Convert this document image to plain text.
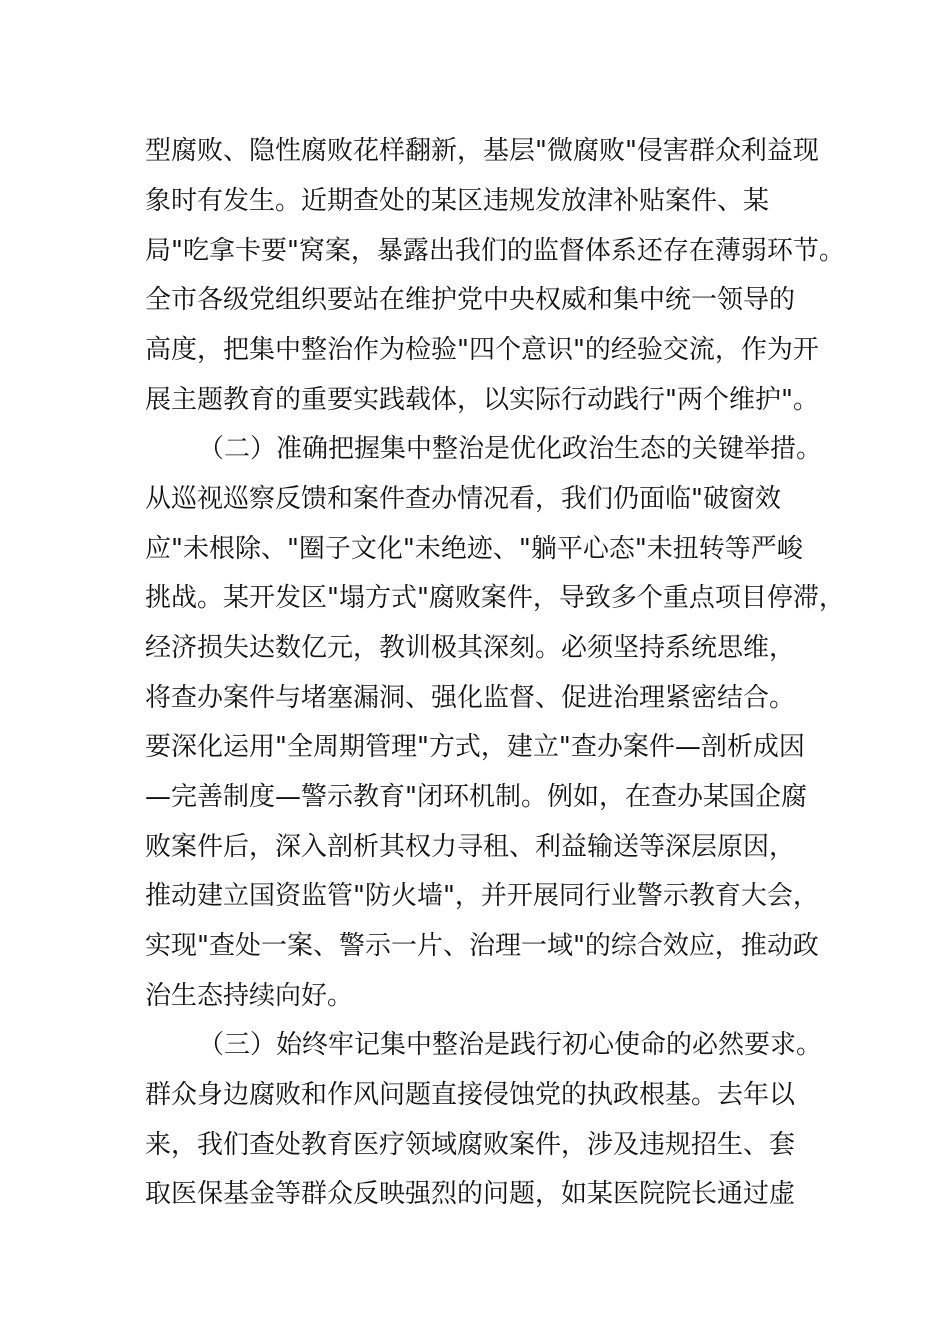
型腐败、隐性腐败花样翻新，基层"微腐败"侵害群众利益现
象时有发生。近期查处的某区违规发放津补贴案件、某
局"吃拿卡要"窝案，暴露出我们的监督体系还存在薄弱环节。
全市各级党组织要站在维护党中央权威和集中统一领导的
高度，把集中整治作为检验"四个意识"的经验交流，作为开
展主题教育的重要实践载体，以实际行动践行"两个维护"。
（二）准确把握集中整治是优化政治生态的关键举措。
从巡视巡察反馈和案件查办情况看，我们仍面临"破窗效
应"未根除、"圈子文化"未绝迹、"躺平心态"未扭转等严峻
挑战。某开发区"塌方式"腐败案件，导致多个重点项目停滞，
经济损失达数亿元，教训极其深刻。必须坚持系统思维，
将查办案件与堵塞漏洞、强化监督、促进治理紧密结合。
要深化运用"全周期管理"方式，建立"查办案件—剖析成因
—完善制度—警示教育"闭环机制。例如，在查办某国企腐
败案件后，深入剖析其权力寻租、利益输送等深层原因，
推动建立国资监管"防火墙"，并开展同行业警示教育大会，
实现"查处一案、警示一片、治理一域"的综合效应，推动政
治生态持续向好。
（三）始终牢记集中整治是践行初心使命的必然要求。
群众身边腐败和作风问题直接侵蚀党的执政根基。去年以
来，我们查处教育医疗领域腐败案件，涉及违规招生、套
取医保基金等群众反映强烈的问题，如某医院院长通过虚
